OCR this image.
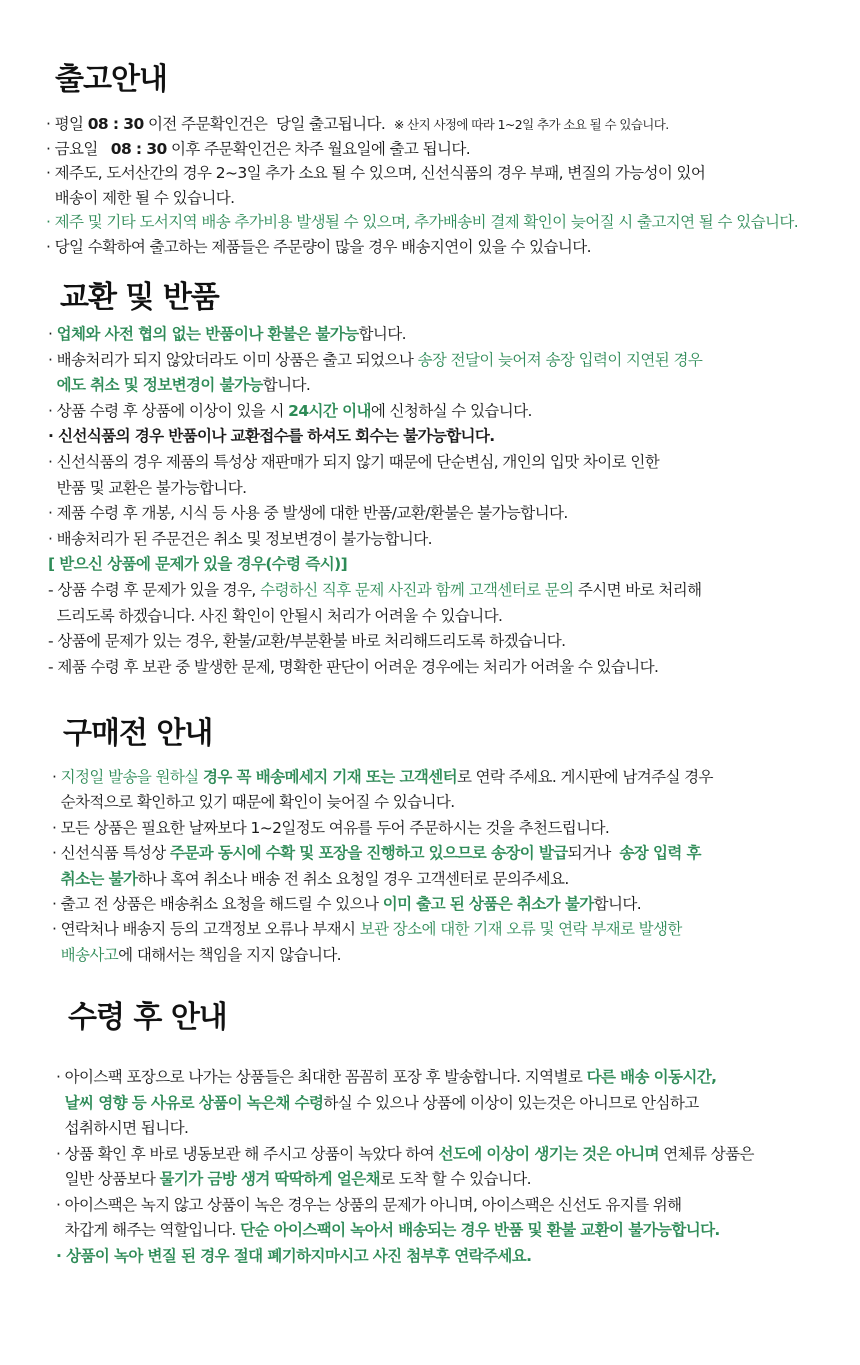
출고안내
· 평일 08 : 30 이전 주문확인건은  당일 출고됩니다.  ※ 산지 사정에 따라 1~2일 추가 소요 될 수 있습니다.
· 금요일   08 : 30 이후 주문확인건은 차주 월요일에 출고 됩니다.
· 제주도, 도서산간의 경우 2~3일 추가 소요 될 수 있으며, 신선식품의 경우 부패, 변질의 가능성이 있어
배송이 제한 될 수 있습니다.
· 제주 및 기타 도서지역 배송 추가비용 발생될 수 있으며, 추가배송비 결제 확인이 늦어질 시 출고지연 될 수 있습니다.
· 당일 수확하여 출고하는 제품들은 주문량이 많을 경우 배송지연이 있을 수 있습니다.
교환 및 반품
· 업체와 사전 협의 없는 반품이나 환불은 불가능합니다.
· 배송처리가 되지 않았더라도 이미 상품은 출고 되었으나 송장 전달이 늦어져 송장 입력이 지연된 경우
에도 취소 및 정보변경이 불가능합니다.
· 상품 수령 후 상품에 이상이 있을 시 24시간 이내에 신청하실 수 있습니다.
· 신선식품의 경우 반품이나 교환접수를 하셔도 회수는 불가능합니다.
· 신선식품의 경우 제품의 특성상 재판매가 되지 않기 때문에 단순변심, 개인의 입맛 차이로 인한
반품 및 교환은 불가능합니다.
· 제품 수령 후 개봉, 시식 등 사용 중 발생에 대한 반품/교환/환불은 불가능합니다.
· 배송처리가 된 주문건은 취소 및 정보변경이 불가능합니다.
[ 받으신 상품에 문제가 있을 경우(수령 즉시)]
- 상품 수령 후 문제가 있을 경우, 수령하신 직후 문제 사진과 함께 고객센터로 문의 주시면 바로 처리해
드리도록 하겠습니다. 사진 확인이 안될시 처리가 어려울 수 있습니다.
- 상품에 문제가 있는 경우, 환불/교환/부분환불 바로 처리해드리도록 하겠습니다.
- 제품 수령 후 보관 중 발생한 문제, 명확한 판단이 어려운 경우에는 처리가 어려울 수 있습니다.
구매전 안내
· 지정일 발송을 원하실 경우 꼭 배송메세지 기재 또는 고객센터로 연락 주세요. 게시판에 남겨주실 경우
순차적으로 확인하고 있기 때문에 확인이 늦어질 수 있습니다.
· 모든 상품은 필요한 날짜보다 1~2일정도 여유를 두어 주문하시는 것을 추천드립니다.
· 신선식품 특성상 주문과 동시에 수확 및 포장을 진행하고 있으므로 송장이 발급되거나  송장 입력 후
취소는 불가하나 혹여 취소나 배송 전 취소 요청일 경우 고객센터로 문의주세요.
· 출고 전 상품은 배송취소 요청을 해드릴 수 있으나 이미 출고 된 상품은 취소가 불가합니다.
· 연락처나 배송지 등의 고객정보 오류나 부재시 보관 장소에 대한 기재 오류 및 연락 부재로 발생한
배송사고에 대해서는 책임을 지지 않습니다.
수령 후 안내
· 아이스팩 포장으로 나가는 상품들은 최대한 꼼꼼히 포장 후 발송합니다. 지역별로 다른 배송 이동시간,
날씨 영향 등 사유로 상품이 녹은채 수령하실 수 있으나 상품에 이상이 있는것은 아니므로 안심하고
섭취하시면 됩니다.
· 상품 확인 후 바로 냉동보관 해 주시고 상품이 녹았다 하여 선도에 이상이 생기는 것은 아니며 연체류 상품은
일반 상품보다 물기가 금방 생겨 딱딱하게 얼은채로 도착 할 수 있습니다.
· 아이스팩은 녹지 않고 상품이 녹은 경우는 상품의 문제가 아니며, 아이스팩은 신선도 유지를 위해
차갑게 해주는 역할입니다. 단순 아이스팩이 녹아서 배송되는 경우 반품 및 환불 교환이 불가능합니다.
· 상품이 녹아 변질 된 경우 절대 폐기하지마시고 사진 첨부후 연락주세요.
